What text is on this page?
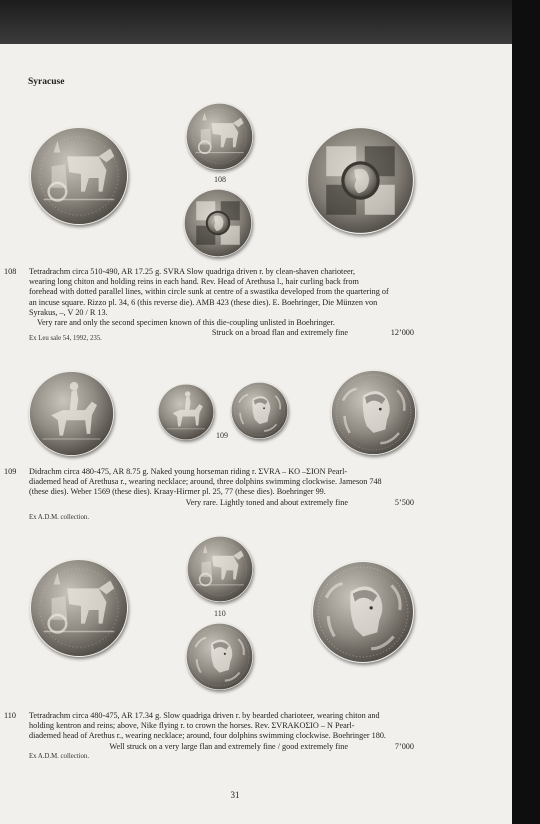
Syracuse
108
108 Tetradrachm circa 510-490, AR 17.25 g. SVRA Slow quadriga driven r. by clean-shaven charioteer,

wearing long chiton and holding reins in each hand. Rev. Head of Arethusa l., hair curling back from

forehead with dotted parallel lines, within circle sunk at centre of a swastika developed from the quartering of

an incuse square. Rizzo pl. 34, 6 (this reverse die). AMB 423 (these dies). E. Boehringer, Die Münzen von

Syrakus, –, V 20 / R 13.

Very rare and only the second specimen known of this die-coupling unlisted in Boehringer.

Struck on a broad flan and extremely fine	12’000
Ex Leu sale 54, 1992, 235.
109
109 Didrachm circa 480-475, AR 8.75 g. Naked young horseman riding r. ΣVRA – KO –ΣION Pearl-

diademed head of Arethusa r., wearing necklace; around, three dolphins swimming clockwise. Jameson 748

(these dies). Weber 1569 (these dies). Kraay-Hirmer pl. 25, 77 (these dies). Boehringer 99.

Very rare. Lightly toned and about extremely fine	5’500
Ex A.D.M. collection.
110
110 Tetradrachm circa 480-475, AR 17.34 g. Slow quadriga driven r. by bearded charioteer, wearing chiton and

holding kentron and reins; above, Nike flying r. to crown the horses. Rev. ΣVRAKOΣIO – N Pearl-

diademed head of Arethus r., wearing necklace; around, four dolphins swimming clockwise. Boehringer 180.

Well struck on a very large flan and extremely fine / good extremely fine	7’000
Ex A.D.M. collection.
31
